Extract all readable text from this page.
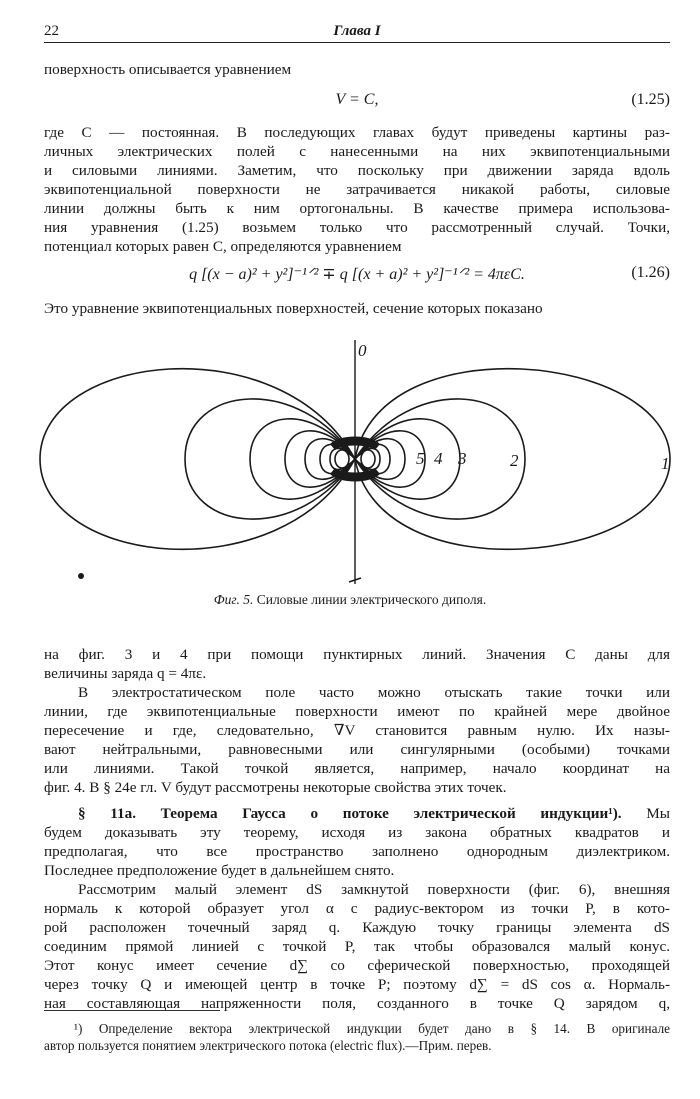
22	Глава I
поверхность описывается уравнением
V = C,	(1.25)
где C — постоянная. В последующих главах будут приведены картины раз-
личных электрических полей с нанесенными на них эквипотенциальными
и силовыми линиями. Заметим, что поскольку при движении заряда вдоль
эквипотенциальной поверхности не затрачивается никакой работы, силовые
линии должны быть к ним ортогональны. В качестве примера использова-
ния уравнения (1.25) возьмем только что рассмотренный случай. Точки,
потенциал которых равен C, определяются уравнением
q [(x − a)² + y²]⁻¹ᐟ² ∓ q [(x + a)² + y²]⁻¹ᐟ² = 4πεC.	(1.26)
Это уравнение эквипотенциальных поверхностей, сечение которых показано
0
1
2
3
4
5
Фиг. 5. Силовые линии электрического диполя.
на фиг. 3 и 4 при помощи пунктирных линий. Значения C даны для
величины заряда q = 4πε.
В электростатическом поле часто можно отыскать такие точки или
линии, где эквипотенциальные поверхности имеют по крайней мере двойное
пересечение и где, следовательно, ∇V становится равным нулю. Их назы-
вают нейтральными, равновесными или сингулярными (особыми) точками
или линиями. Такой точкой является, например, начало координат на
фиг. 4. В § 24е гл. V будут рассмотрены некоторые свойства этих точек.
§ 11а. Теорема Гаусса о потоке электрической индукции¹). Мы
будем доказывать эту теорему, исходя из закона обратных квадратов и
предполагая, что все пространство заполнено однородным диэлектриком.
Последнее предположение будет в дальнейшем снято.
Рассмотрим малый элемент dS замкнутой поверхности (фиг. 6), внешняя
нормаль к которой образует угол α с радиус-вектором из точки P, в кото-
рой расположен точечный заряд q. Каждую точку границы элемента dS
соединим прямой линией с точкой P, так чтобы образовался малый конус.
Этот конус имеет сечение d∑ со сферической поверхностью, проходящей
через точку Q и имеющей центр в точке P; поэтому d∑ = dS cos α. Нормаль-
ная составляющая напряженности поля, созданного в точке Q зарядом q,
¹) Определение вектора электрической индукции будет дано в § 14. В оригинале
автор пользуется понятием электрического потока (electric flux).—Прим. перев.
